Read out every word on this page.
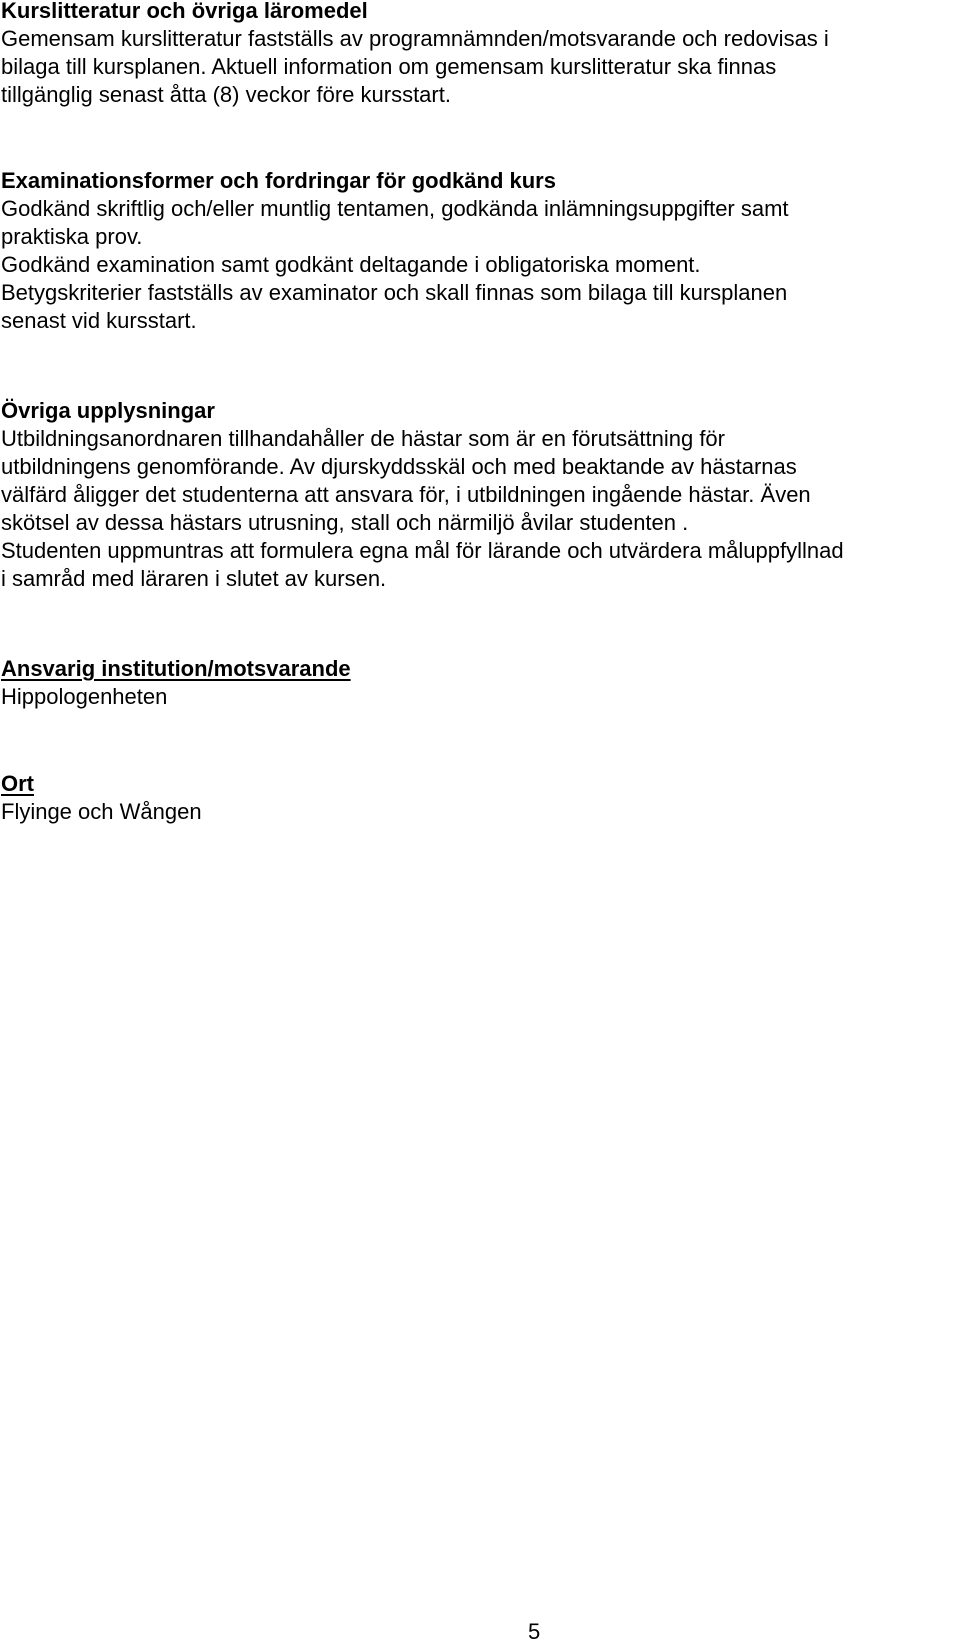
Kurslitteratur och övriga läromedel

Gemensam kurslitteratur fastställs av programnämnden/motsvarande och redovisas i

bilaga till kursplanen. Aktuell information om gemensam kurslitteratur ska finnas

tillgänglig senast åtta (8) veckor före kursstart.

Examinationsformer och fordringar för godkänd kurs

Godkänd skriftlig och/eller muntlig tentamen, godkända inlämningsuppgifter samt

praktiska prov.

Godkänd examination samt godkänt deltagande i obligatoriska moment.

Betygskriterier fastställs av examinator och skall finnas som bilaga till kursplanen

senast vid kursstart.

Övriga upplysningar

Utbildningsanordnaren tillhandahåller de hästar som är en förutsättning för

utbildningens genomförande. Av djurskyddsskäl och med beaktande av hästarnas

välfärd åligger det studenterna att ansvara för, i utbildningen ingående hästar. Även

skötsel av dessa hästars utrusning, stall och närmiljö åvilar studenten .

Studenten uppmuntras att formulera egna mål för lärande och utvärdera måluppfyllnad

i samråd med läraren i slutet av kursen.

Ansvarig institution/motsvarande

Hippologenheten

Ort

Flyinge och Wången

5
